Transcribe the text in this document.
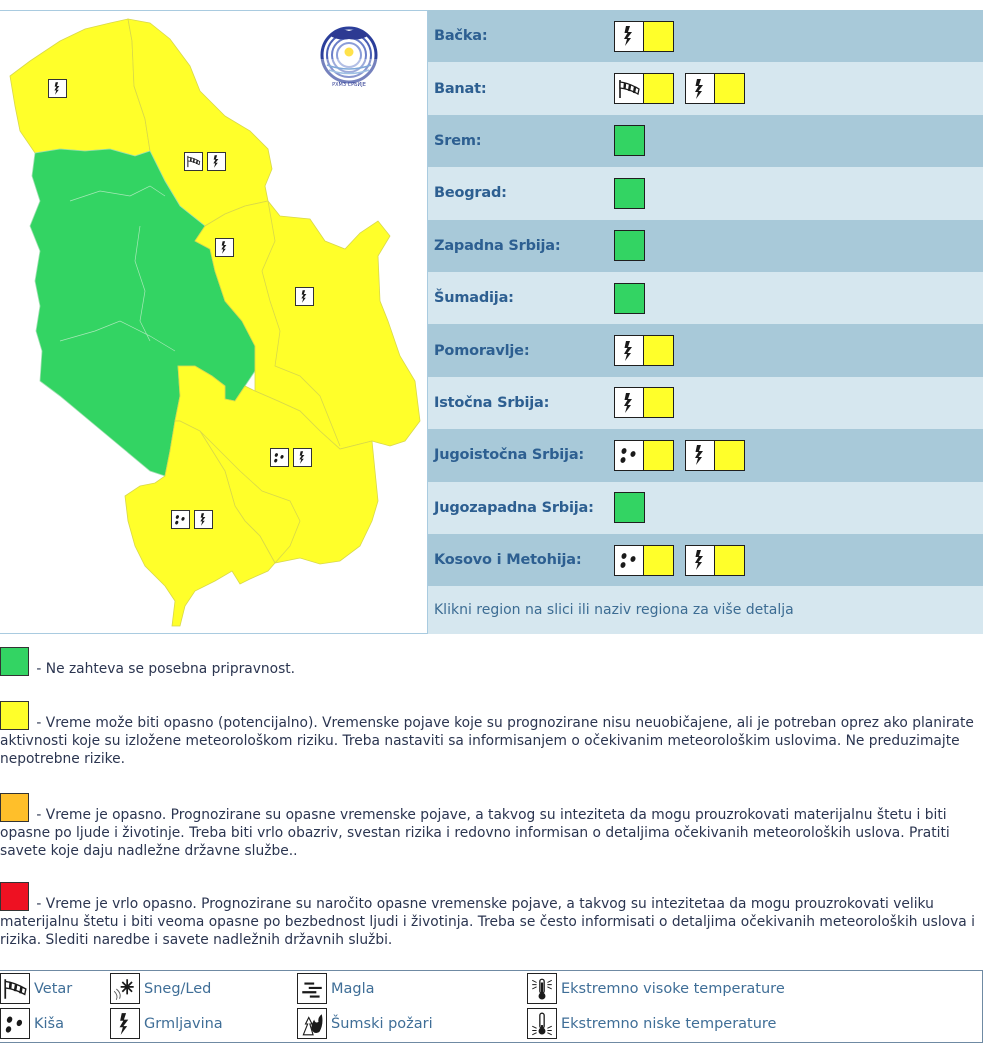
РХМЗ СРБИЈЕ
Bačka:
Banat:
Srem:
Beograd:
Zapadna Srbija:
Šumadija:
Pomoravlje:
Istočna Srbija:
Jugoistočna Srbija:
Jugozapadna Srbija:
Kosovo i Metohija:
Klikni region na slici ili naziv regiona za više detalja

- Ne zahteva se posebna pripravnost.

- Vreme može biti opasno (potencijalno). Vremenske pojave koje su prognozirane nisu neuobičajene, ali je potreban oprez ako planirate aktivnosti koje su izložene meteorološkom riziku. Treba nastaviti sa informisanjem o očekivanim meteorološkim uslovima. Ne preduzimajte nepotrebne rizike.

- Vreme je opasno. Prognozirane su opasne vremenske pojave, a takvog su inteziteta da mogu prouzrokovati materijalnu štetu i biti opasne po ljude i životinje. Treba biti vrlo obazriv, svestan rizika i redovno informisan o detaljima očekivanih meteoroloških uslova. Pratiti savete koje daju nadležne državne službe..

- Vreme je vrlo opasno. Prognozirane su naročito opasne vremenske pojave, a takvog su intezitetaa da mogu prouzrokovati veliku materijalnu štetu i biti veoma opasne po bezbednost ljudi i životinja. Treba se često informisati o detaljima očekivanih meteoroloških uslova i rizika. Slediti naredbe i savete nadležnih državnih službi.

Vetar	Sneg/Led	Magla	Ekstremno visoke temperature
Kiša	Grmljavina	Šumski požari	Ekstremno niske temperature
